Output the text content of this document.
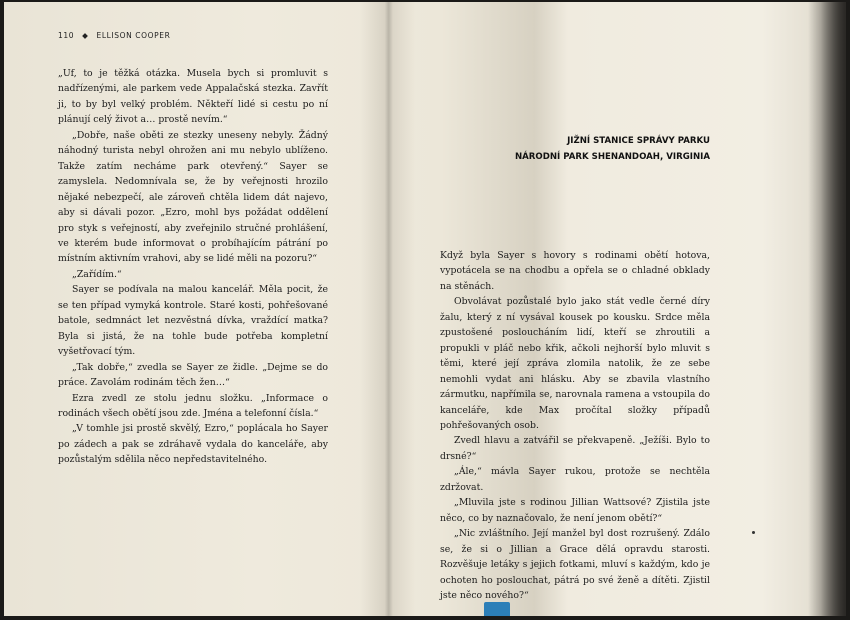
110 ◆ ELLISON COOPER

„Uf, to je těžká otázka. Musela bych si promluvit s nadřízenými, ale parkem vede Appalačská stezka. Zavřít ji, to by byl velký problém. Někteří lidé si cestu po ní plánují celý život a… prostě nevím.“

„Dobře, naše oběti ze stezky uneseny nebyly. Žádný náhodný turista nebyl ohrožen ani mu nebylo ublíženo. Takže zatím necháme park otevřený.“ Sayer se zamyslela. Nedomnívala se, že by veřejnosti hrozilo nějaké nebezpečí, ale zároveň chtěla lidem dát najevo, aby si dávali pozor. „Ezro, mohl bys požádat oddělení pro styk s veřejností, aby zveřejnilo stručné prohlášení, ve kterém bude informovat o probíhajícím pátrání po místním aktivním vrahovi, aby se lidé měli na pozoru?“

„Zařídím.“

Sayer se podívala na malou kancelář. Měla pocit, že se ten případ vymyká kontrole. Staré kosti, pohřešované batole, sedmnáct let nezvěstná dívka, vraždící matka? Byla si jistá, že na tohle bude potřeba kompletní vyšetřovací tým.

„Tak dobře,“ zvedla se Sayer ze židle. „Dejme se do práce. Zavolám rodinám těch žen…“

Ezra zvedl ze stolu jednu složku. „Informace o rodinách všech obětí jsou zde. Jména a telefonní čísla.“

„V tomhle jsi prostě skvělý, Ezro,“ poplácala ho Sayer po zádech a pak se zdráhavě vydala do kanceláře, aby pozůstalým sdělila něco nepředstavitelného.

JIŽNÍ STANICE SPRÁVY PARKU
NÁRODNÍ PARK SHENANDOAH, VIRGINIA

Když byla Sayer s hovory s rodinami obětí hotova, vypotácela se na chodbu a opřela se o chladné obklady na stěnách.

Obvolávat pozůstalé bylo jako stát vedle černé díry žalu, který z ní vysával kousek po kousku. Srdce měla zpustošené posloucháním lidí, kteří se zhroutili a propukli v pláč nebo křik, ačkoli nejhorší bylo mluvit s těmi, které její zpráva zlomila natolik, že ze sebe nemohli vydat ani hlásku. Aby se zbavila vlastního zármutku, napřímila se, narovnala ramena a vstoupila do kanceláře, kde Max pročítal složky případů pohřešovaných osob.

Zvedl hlavu a zatvářil se překvapeně. „Ježíši. Bylo to drsné?“

„Ále,“ mávla Sayer rukou, protože se nechtěla zdržovat.

„Mluvila jste s rodinou Jillian Wattsové? Zjistila jste něco, co by naznačovalo, že není jenom obětí?“

„Nic zvláštního. Její manžel byl dost rozrušený. Zdálo se, že si o Jillian a Grace dělá opravdu starosti. Rozvěšuje letáky s jejich fotkami, mluví s každým, kdo je ochoten ho poslouchat, pátrá po své ženě a dítěti. Zjistil jste něco nového?“
